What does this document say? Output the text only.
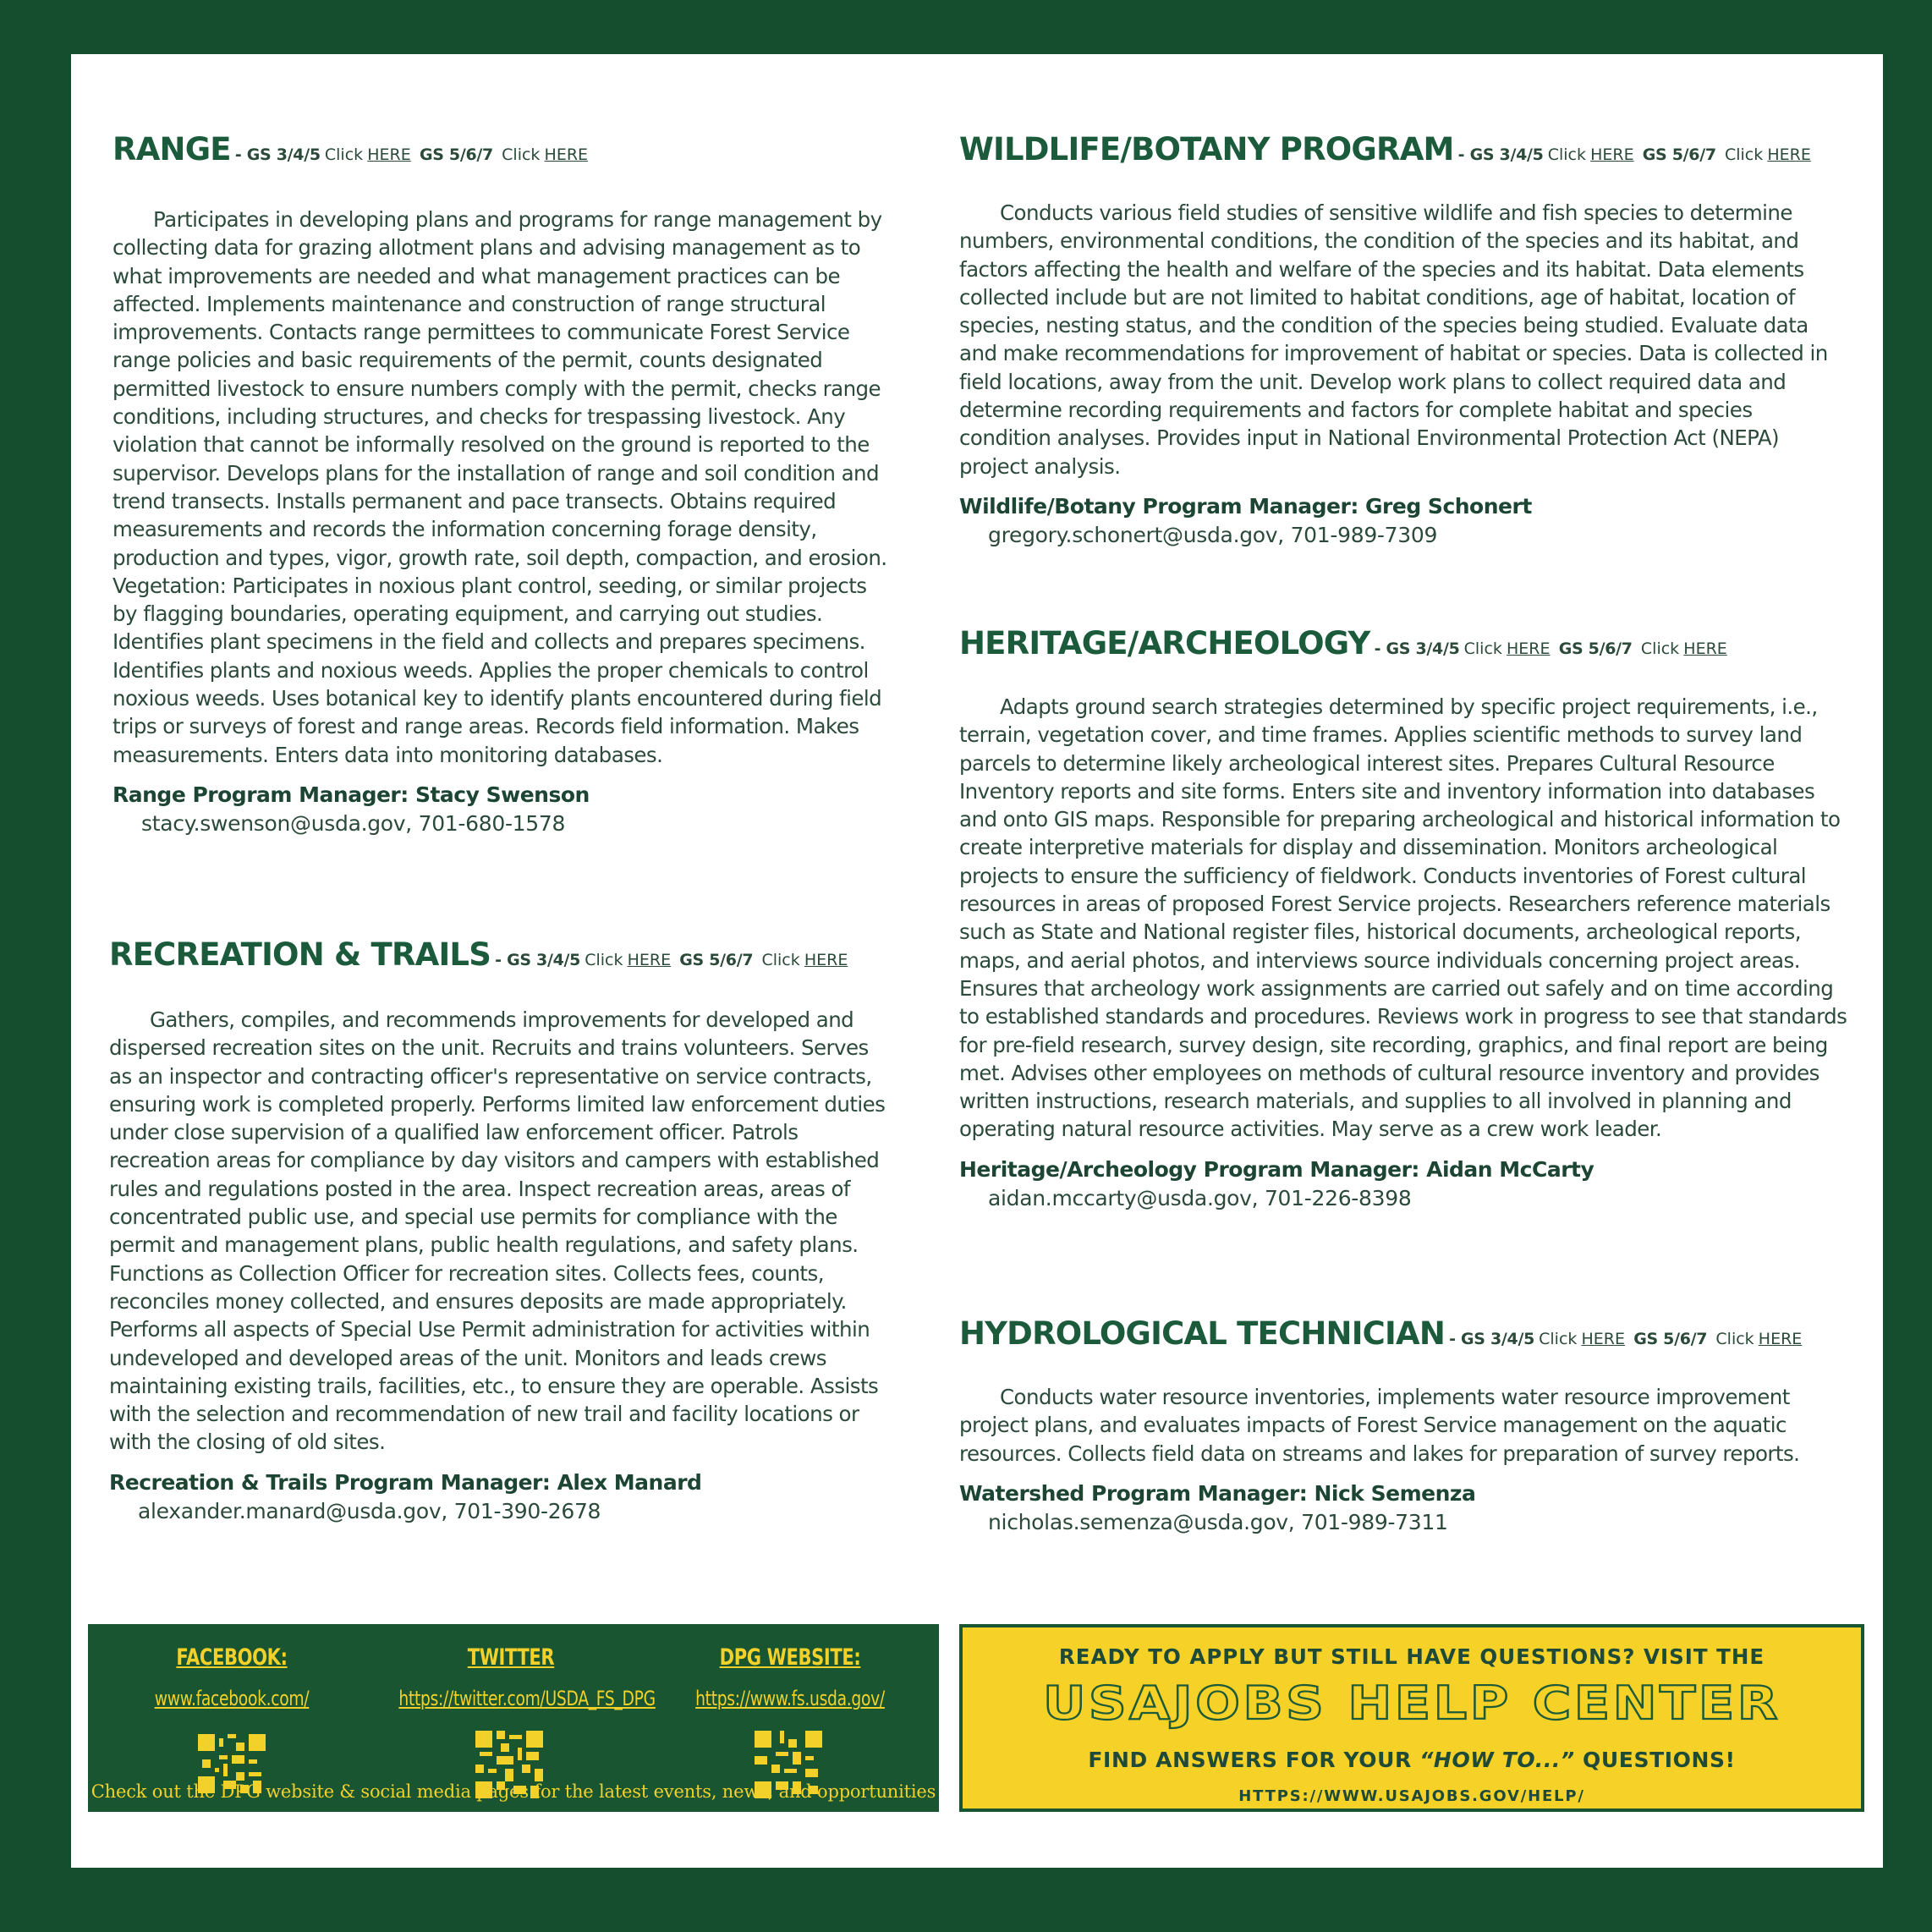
RANGE - GS 3/4/5 Click HERE GS 5/6/7 Click HERE

Participates in developing plans and programs for range management by collecting data for grazing allotment plans and advising management as to what improvements are needed and what management practices can be affected. Implements maintenance and construction of range structural improvements. Contacts range permittees to communicate Forest Service range policies and basic requirements of the permit, counts designated permitted livestock to ensure numbers comply with the permit, checks range conditions, including structures, and checks for trespassing livestock. Any violation that cannot be informally resolved on the ground is reported to the supervisor. Develops plans for the installation of range and soil condition and trend transects. Installs permanent and pace transects. Obtains required measurements and records the information concerning forage density, production and types, vigor, growth rate, soil depth, compaction, and erosion. Vegetation: Participates in noxious plant control, seeding, or similar projects by flagging boundaries, operating equipment, and carrying out studies. Identifies plant specimens in the field and collects and prepares specimens. Identifies plants and noxious weeds. Applies the proper chemicals to control noxious weeds. Uses botanical key to identify plants encountered during field trips or surveys of forest and range areas. Records field information. Makes measurements. Enters data into monitoring databases.

Range Program Manager: Stacy Swenson
stacy.swenson@usda.gov, 701-680-1578
RECREATION & TRAILS - GS 3/4/5 Click HERE GS 5/6/7 Click HERE

Gathers, compiles, and recommends improvements for developed and dispersed recreation sites on the unit. Recruits and trains volunteers. Serves as an inspector and contracting officer's representative on service contracts, ensuring work is completed properly. Performs limited law enforcement duties under close supervision of a qualified law enforcement officer. Patrols recreation areas for compliance by day visitors and campers with established rules and regulations posted in the area. Inspect recreation areas, areas of concentrated public use, and special use permits for compliance with the permit and management plans, public health regulations, and safety plans. Functions as Collection Officer for recreation sites. Collects fees, counts, reconciles money collected, and ensures deposits are made appropriately. Performs all aspects of Special Use Permit administration for activities within undeveloped and developed areas of the unit. Monitors and leads crews maintaining existing trails, facilities, etc., to ensure they are operable. Assists with the selection and recommendation of new trail and facility locations or with the closing of old sites.

Recreation & Trails Program Manager: Alex Manard
alexander.manard@usda.gov, 701-390-2678
WILDLIFE/BOTANY PROGRAM - GS 3/4/5 Click HERE GS 5/6/7 Click HERE

Conducts various field studies of sensitive wildlife and fish species to determine numbers, environmental conditions, the condition of the species and its habitat, and factors affecting the health and welfare of the species and its habitat. Data elements collected include but are not limited to habitat conditions, age of habitat, location of species, nesting status, and the condition of the species being studied. Evaluate data and make recommendations for improvement of habitat or species. Data is collected in field locations, away from the unit. Develop work plans to collect required data and determine recording requirements and factors for complete habitat and species condition analyses. Provides input in National Environmental Protection Act (NEPA) project analysis.

Wildlife/Botany Program Manager: Greg Schonert
gregory.schonert@usda.gov, 701-989-7309
HERITAGE/ARCHEOLOGY - GS 3/4/5 Click HERE GS 5/6/7 Click HERE

Adapts ground search strategies determined by specific project requirements, i.e., terrain, vegetation cover, and time frames. Applies scientific methods to survey land parcels to determine likely archeological interest sites. Prepares Cultural Resource Inventory reports and site forms. Enters site and inventory information into databases and onto GIS maps. Responsible for preparing archeological and historical information to create interpretive materials for display and dissemination. Monitors archeological projects to ensure the sufficiency of fieldwork. Conducts inventories of Forest cultural resources in areas of proposed Forest Service projects. Researchers reference materials such as State and National register files, historical documents, archeological reports, maps, and aerial photos, and interviews source individuals concerning project areas. Ensures that archeology work assignments are carried out safely and on time according to established standards and procedures. Reviews work in progress to see that standards for pre-field research, survey design, site recording, graphics, and final report are being met. Advises other employees on methods of cultural resource inventory and provides written instructions, research materials, and supplies to all involved in planning and operating natural resource activities. May serve as a crew work leader.

Heritage/Archeology Program Manager: Aidan McCarty
aidan.mccarty@usda.gov, 701-226-8398
HYDROLOGICAL TECHNICIAN - GS 3/4/5 Click HERE GS 5/6/7 Click HERE

Conducts water resource inventories, implements water resource improvement project plans, and evaluates impacts of Forest Service management on the aquatic resources. Collects field data on streams and lakes for preparation of survey reports.

Watershed Program Manager: Nick Semenza
nicholas.semenza@usda.gov, 701-989-7311
FACEBOOK:
www.facebook.com/
TWITTER
https://twitter.com/USDA_FS_DPG
DPG WEBSITE:
https://www.fs.usda.gov/
Check out the DPG website & social media pages for the latest events, news, and opportunities
READY TO APPLY BUT STILL HAVE QUESTIONS? VISIT THE
USAJOBS HELP CENTER
FIND ANSWERS FOR YOUR “HOW TO...” QUESTIONS!
HTTPS://WWW.USAJOBS.GOV/HELP/
